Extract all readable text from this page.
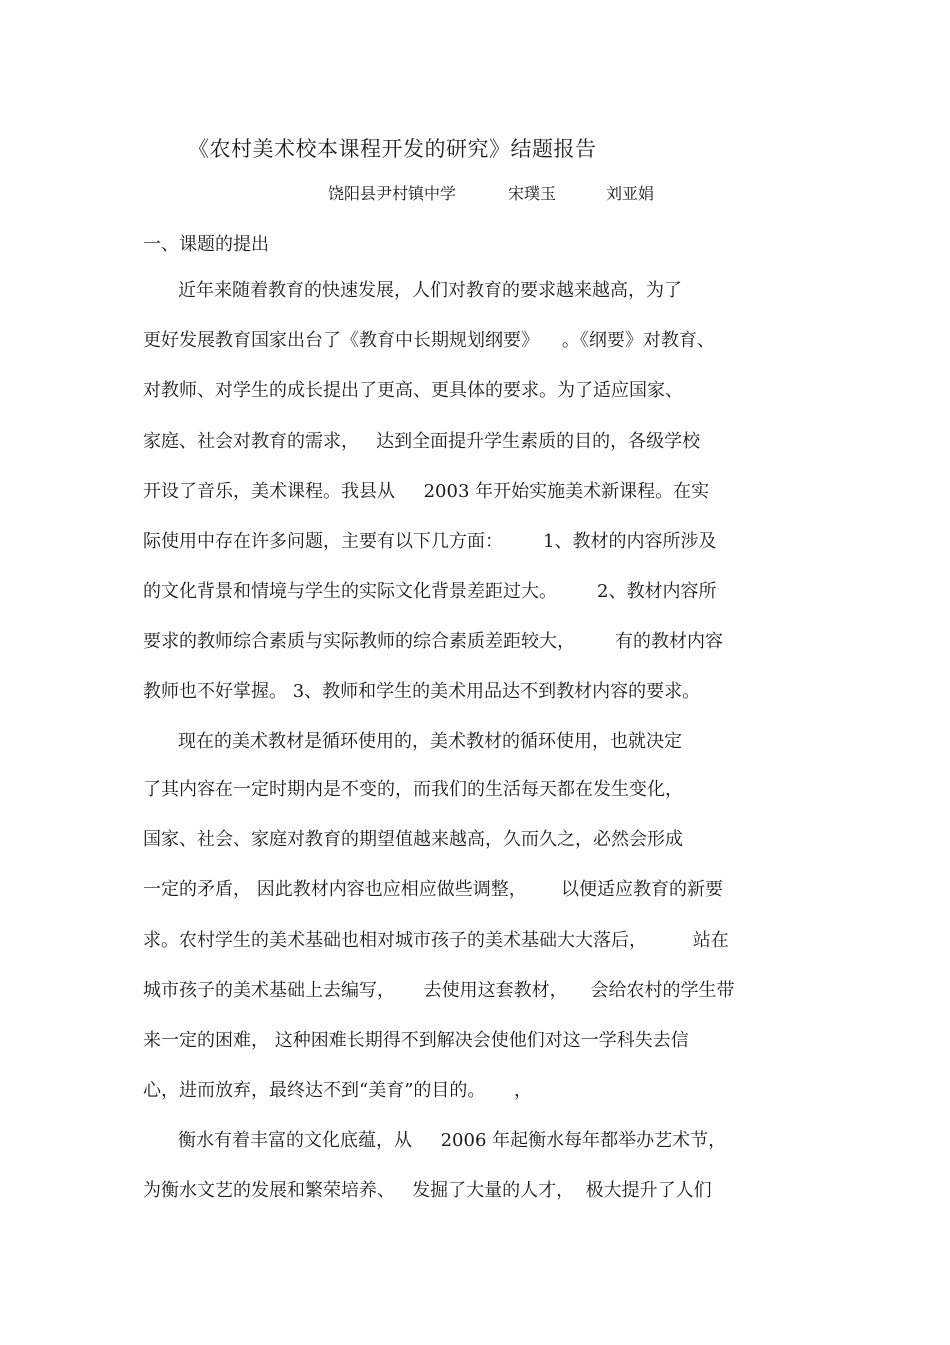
《农村美术校本课程开发的研究》结题报告
饶阳县尹村镇中学	宋璞玉	刘亚娟
一、课题的提出
近年来随着教育的快速发展，人们对教育的要求越来越高，为了
更好发展教育国家出台了《教育中长期规划纲要》    。《纲要》对教育、
对教师、对学生的成长提出了更高、更具体的要求。为了适应国家、
家庭、社会对教育的需求，   达到全面提升学生素质的目的，各级学校
开设了音乐，美术课程。我县从     2003 年开始实施美术新课程。在实
际使用中存在许多问题，主要有以下几方面：       1、教材的内容所涉及
的文化背景和情境与学生的实际文化背景差距过大。       2、教材内容所
要求的教师综合素质与实际教师的综合素质差距较大，       有的教材内容
教师也不好掌握。 3、教师和学生的美术用品达不到教材内容的要求。
现在的美术教材是循环使用的，美术教材的循环使用，也就决定
了其内容在一定时期内是不变的，而我们的生活每天都在发生变化，
国家、社会、家庭对教育的期望值越来越高，久而久之，必然会形成
一定的矛盾， 因此教材内容也应相应做些调整，      以便适应教育的新要
求。农村学生的美术基础也相对城市孩子的美术基础大大落后，        站在
城市孩子的美术基础上去编写，     去使用这套教材，    会给农村的学生带
来一定的困难， 这种困难长期得不到解决会使他们对这一学科失去信
心，进而放弃，最终达不到“美育”的目的。     ，
衡水有着丰富的文化底蕴，从     2006 年起衡水每年都举办艺术节，
为衡水文艺的发展和繁荣培养、   发掘了大量的人才，  极大提升了人们
